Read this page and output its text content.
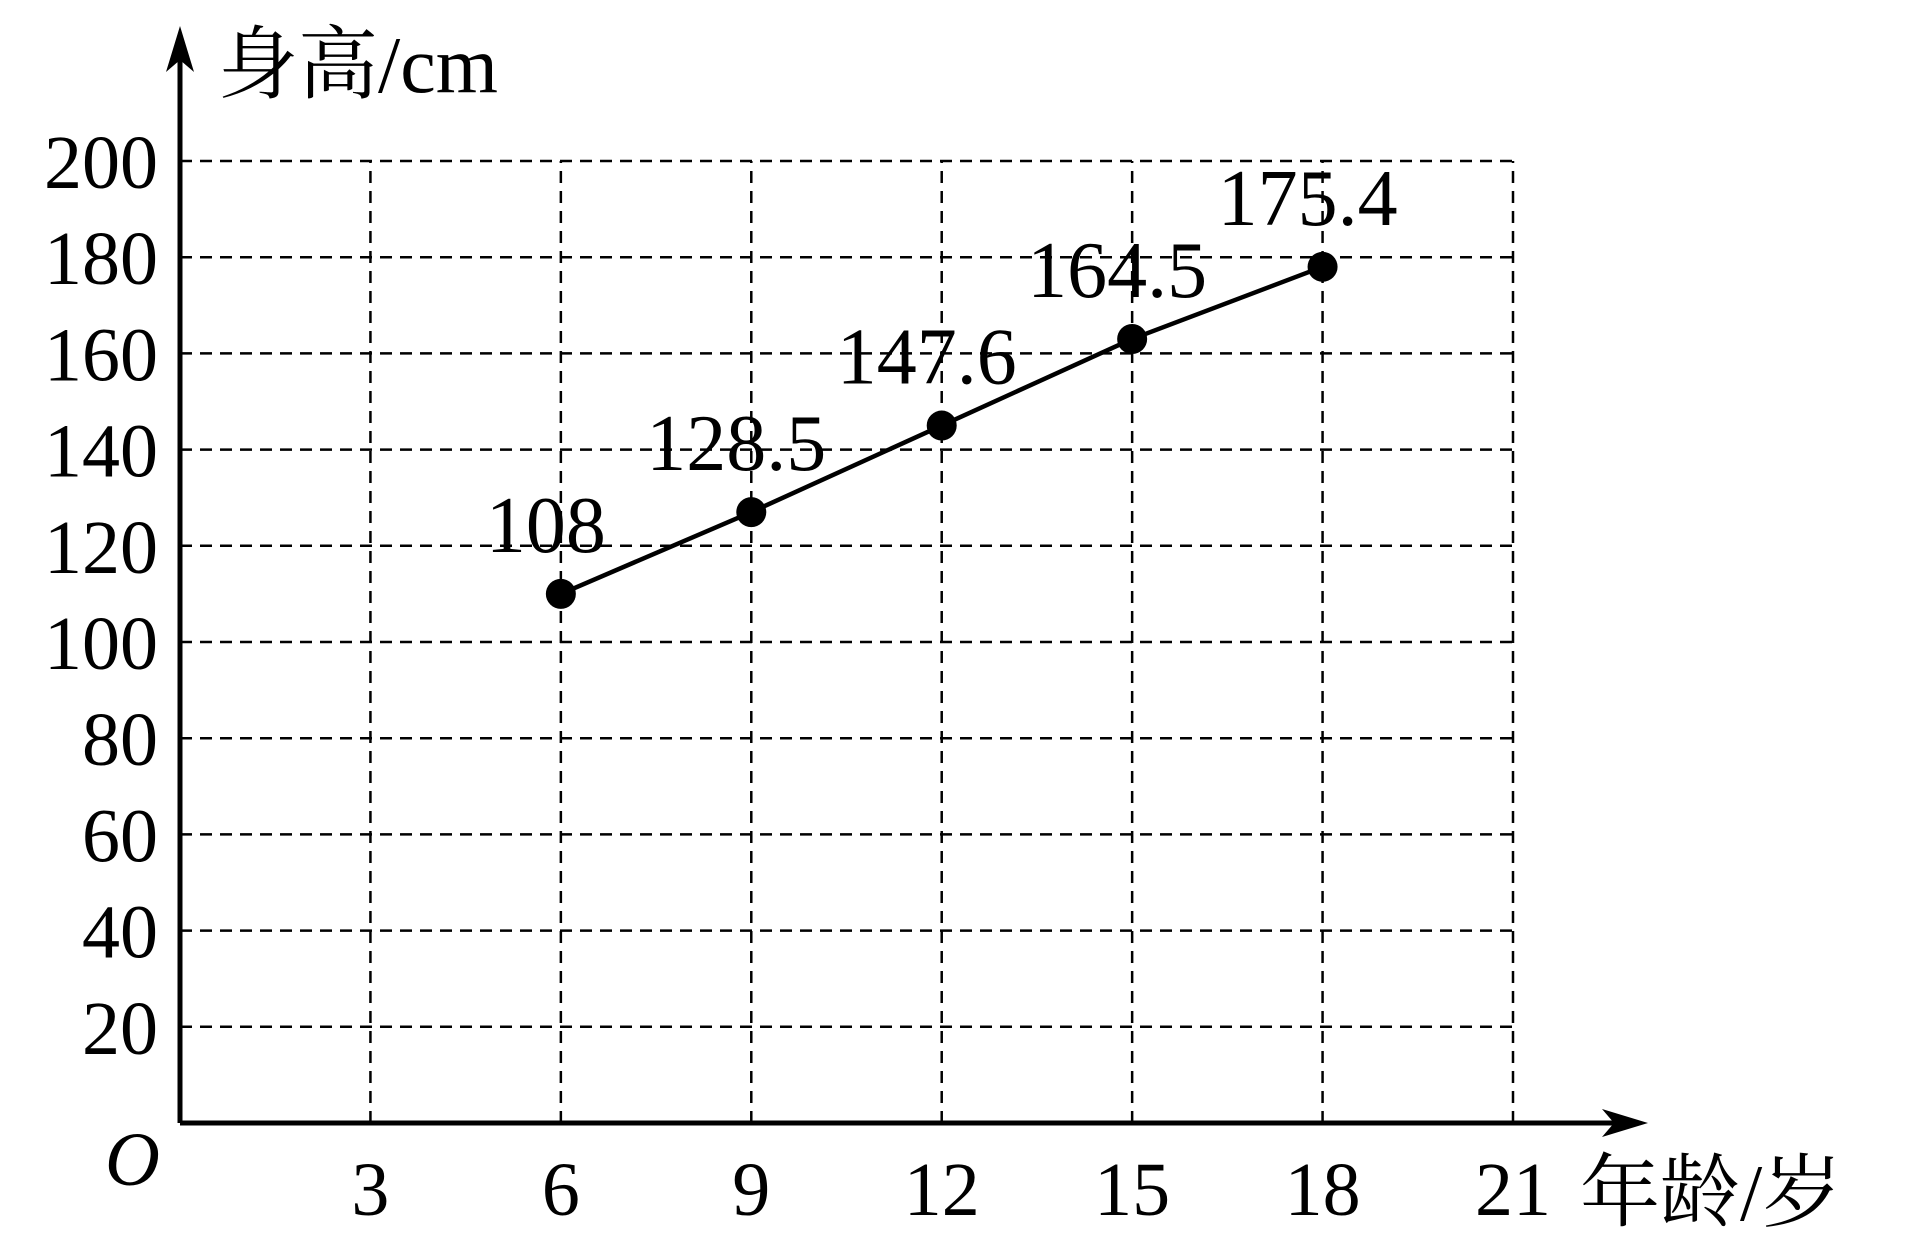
3 6 9 12 15 18 21
20
40
60
80
100
120
140
160
180
200
O
身高/cm
年龄/岁
108
128.5
147.6
164.5
175.4
